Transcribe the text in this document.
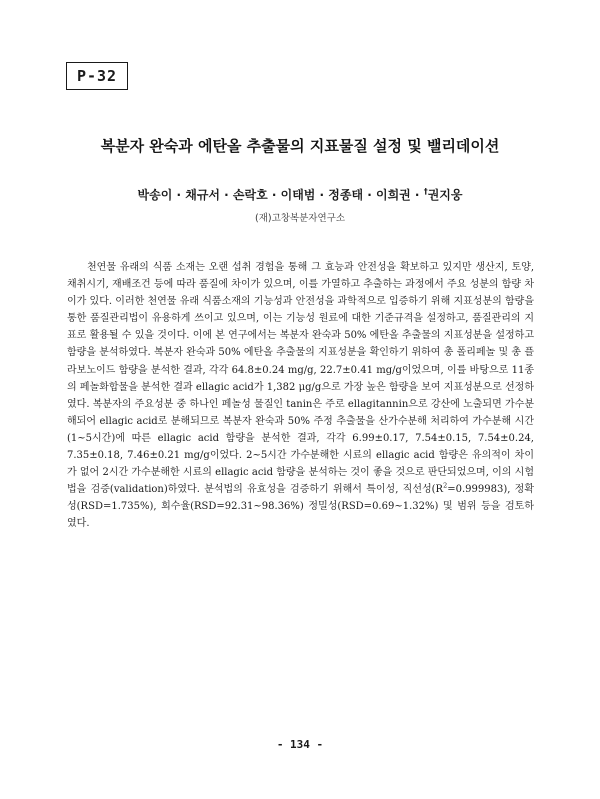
P-32
복분자 완숙과 에탄올 추출물의 지표물질 설정 및 밸리데이션
박송이 · 채규서 · 손락호 · 이태범 · 정종태 · 이희권 · †권지웅
(재)고창복분자연구소

천연물 유래의 식품 소재는 오랜 섭취 경험을 통해 그 효능과 안전성을 확보하고 있지만 생산지, 토양, 채취시기, 재배조건 등에 따라 품질에 차이가 있으며, 이를 가열하고 추출하는 과정에서 주요 성분의 함량 차이가 있다. 이러한 천연물 유래 식품소재의 기능성과 안전성을 과학적으로 입증하기 위해 지표성분의 함량을 통한 품질관리법이 유용하게 쓰이고 있으며, 이는 기능성 원료에 대한 기준규격을 설정하고, 품질관리의 지표로 활용될 수 있을 것이다. 이에 본 연구에서는 복분자 완숙과 50% 에탄올 추출물의 지표성분을 설정하고 함량을 분석하였다. 복분자 완숙과 50% 에탄올 추출물의 지표성분을 확인하기 위하여 총 폴리페놀 및 총 플라보노이드 함량을 분석한 결과, 각각 64.8±0.24 mg/g, 22.7±0.41 mg/g이었으며, 이를 바탕으로 11종의 페놀화합물을 분석한 결과 ellagic acid가 1,382 μg/g으로 가장 높은 함량을 보여 지표성분으로 선정하였다. 복분자의 주요성분 중 하나인 페놀성 물질인 tanin은 주로 ellagitannin으로 강산에 노출되면 가수분해되어 ellagic acid로 분해되므로 복분자 완숙과 50% 주정 추출물을 산가수분해 처리하여 가수분해 시간(1~5시간)에 따른 ellagic acid 함량을 분석한 결과, 각각 6.99±0.17, 7.54±0.15, 7.54±0.24, 7.35±0.18, 7.46±0.21 mg/g이었다. 2~5시간 가수분해한 시료의 ellagic acid 함량은 유의적이 차이가 없어 2시간 가수분해한 시료의 ellagic acid 함량을 분석하는 것이 좋을 것으로 판단되었으며, 이의 시험법을 검증(validation)하였다. 분석법의 유효성을 검증하기 위해서 특이성, 직선성$(R^2=0.999983)$, 정확성(RSD=1.735%), 회수율(RSD=92.31~98.36%) 정밀성(RSD=0.69~1.32%) 및 범위 등을 검토하였다.

- 134 -
